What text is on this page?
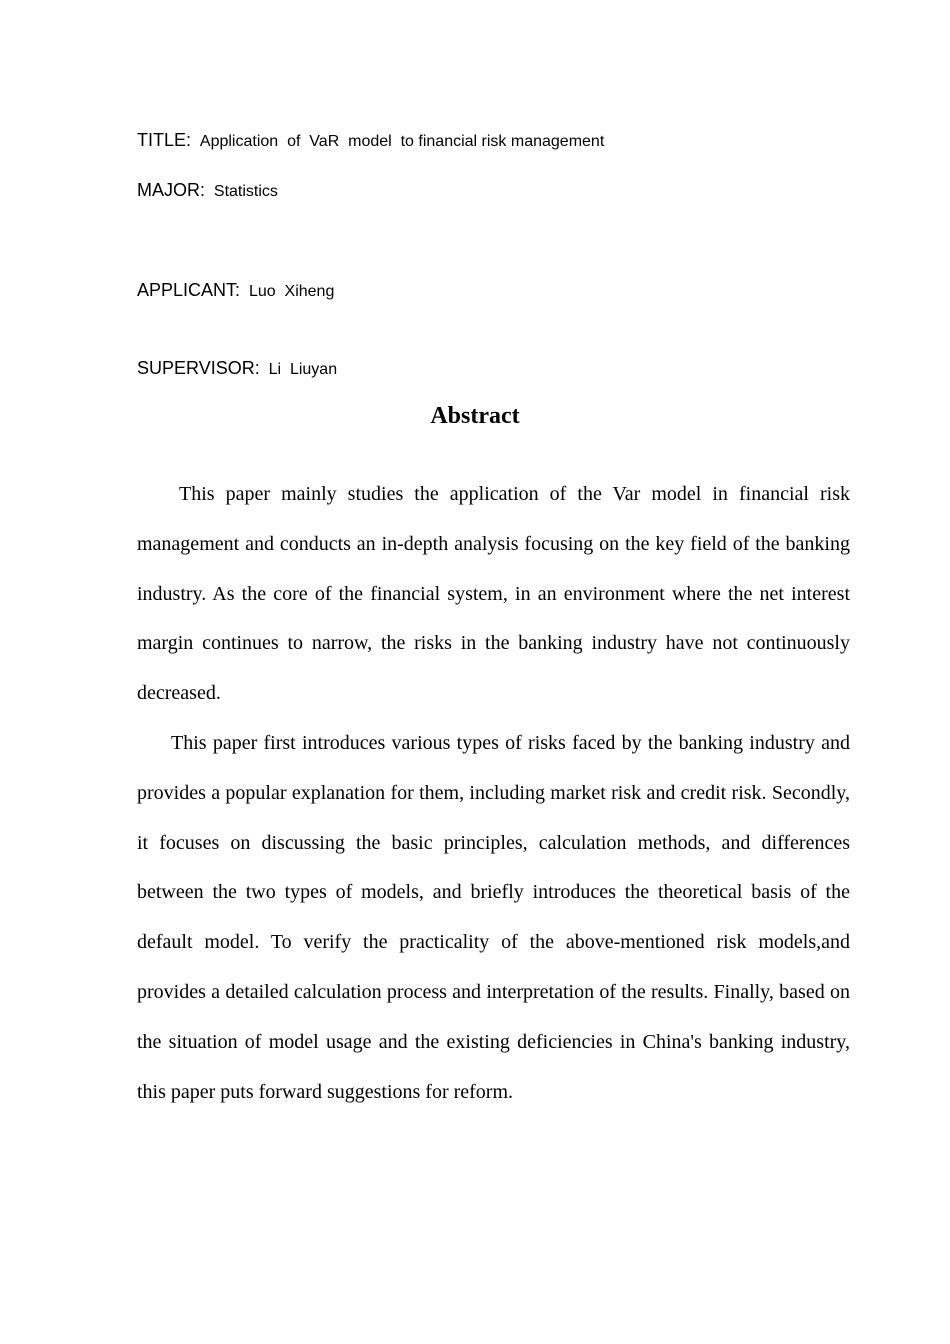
TITLE: Application  of  VaR  model  to financial risk management
MAJOR: Statistics
APPLICANT: Luo  Xiheng
SUPERVISOR: Li  Liuyan
Abstract

This paper mainly studies the application of the Var model in financial risk management and conducts an in-depth analysis focusing on the key field of the banking industry. As the core of the financial system, in an environment where the net interest margin continues to narrow, the risks in the banking industry have not continuously decreased.

This paper first introduces various types of risks faced by the banking industry and provides a popular explanation for them, including market risk and credit risk. Secondly, it focuses on discussing the basic principles, calculation methods, and differences between the two types of models, and briefly introduces the theoretical basis of the default model. To verify the practicality of the above-mentioned risk models,and provides a detailed calculation process and interpretation of the results. Finally, based on the situation of model usage and the existing deficiencies in China's banking industry, this paper puts forward suggestions for reform.
